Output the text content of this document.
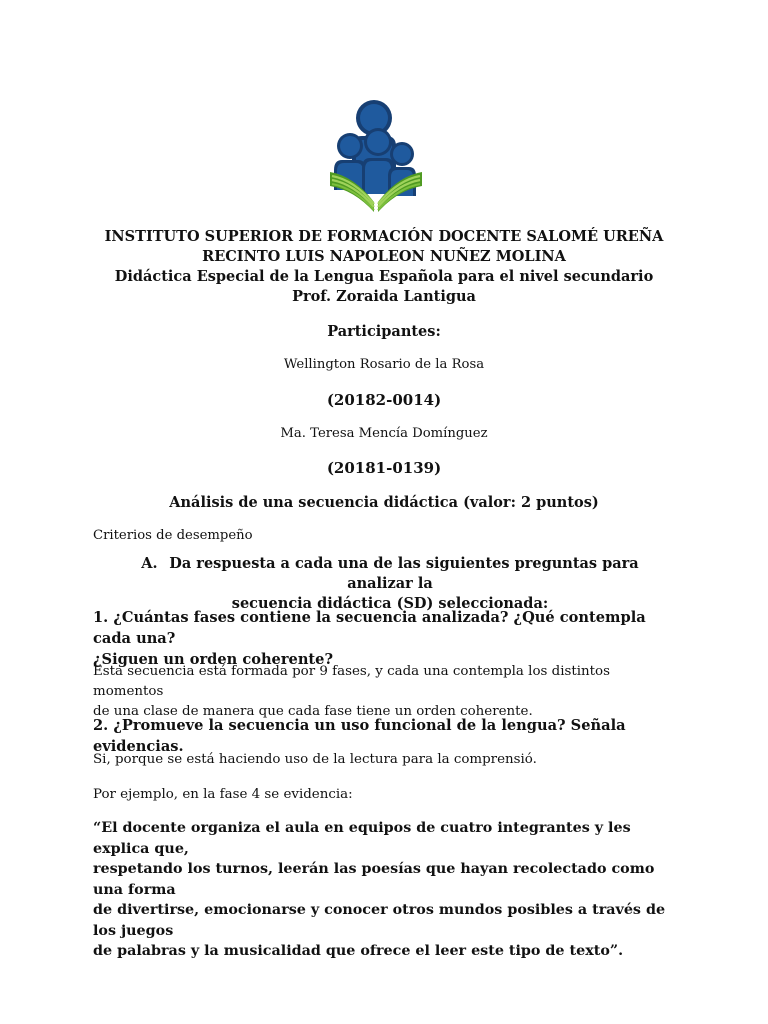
INSTITUTO SUPERIOR DE FORMACIÓN DOCENTE SALOMÉ UREÑA
RECINTO LUIS NAPOLEON NUÑEZ MOLINA
Didáctica Especial de la Lengua Española para el nivel secundario
Prof. Zoraida Lantigua
Participantes:
Wellington Rosario de la Rosa
(20182-0014)
Ma. Teresa Mencía Domínguez
(20181-0139)
Análisis de una secuencia didáctica (valor: 2 puntos)
Criterios de desempeño
A. Da respuesta a cada una de las siguientes preguntas para analizar la
secuencia didáctica (SD) seleccionada:
1. ¿Cuántas fases contiene la secuencia analizada? ¿Qué contempla cada una?
¿Siguen un orden coherente?
Esta secuencia está formada por 9 fases, y cada una contempla los distintos momentos
de una clase de manera que cada fase tiene un orden coherente.
2. ¿Promueve la secuencia un uso funcional de la lengua? Señala evidencias.
Si, porque se está haciendo uso de la lectura para la comprensió.
Por ejemplo, en la fase 4 se evidencia:
“El docente organiza el aula en equipos de cuatro integrantes y les explica que,
respetando los turnos, leerán las poesías que hayan recolectado como una forma
de divertirse, emocionarse y conocer otros mundos posibles a través de los juegos
de palabras y la musicalidad que ofrece el leer este tipo de texto”.
